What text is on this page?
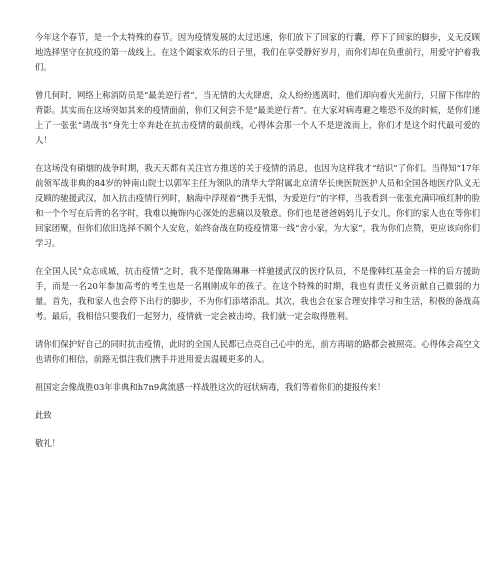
今年这个春节，是一个太特殊的春节。因为疫情发展的太过迅速，你们放下了回家的行囊，停下了回家的脚步，义无反顾地选择坚守在抗疫的第一战线上。在这个阖家欢乐的日子里，我们在享受静好岁月，而你们却在负重前行，用爱守护着我们。

曾几何时，网络上称消防员是“最美逆行者”，当无情的大火肆虐，众人纷纷逃离时，他们却向着火光前行，只留下伟岸的背影。其实而在这场突如其来的疫情面前，你们又何尝不是“最美逆行者”。在大家对病毒避之唯恐不及的时候，是你们递上了一张张“请战书”身先士卒奔赴在抗击疫情的最前线，心得体会那一个人不是逆流而上，你们才是这个时代最可爱的人！

在这场没有硝烟的战争时期，我天天都有关注官方推送的关于疫情的消息，也因为这样我才“结识”了你们。当得知“17年前领军战非典的84岁的钟南山院士以郭军主任为领队的清华大学附属北京清华长庚医院医护人员和全国各地医疗队义无反顾的驰援武汉，加入抗击疫情行列时，脑海中浮现着“携手无惧，为爱逆行”的字样，当我看到一张张充满印痕红肿的脸和一个个写在后背的名字时，我难以掩饰内心深处的悲痛以及敬意。你们也是爸爸妈妈儿子女儿，你们的家人也在等你们回家团聚，但你们依旧选择不顾个人安危，始终奋战在防疫疫情第一线“舍小家，为大家”，我为你们点赞，更应该向你们学习。

在全国人民“众志成城，抗击疫情”之时，我不是像陈琳琳一样驰援武汉的医疗队员，不是像韩红基金会一样的后方援助手，而是一名20年参加高考的考生也是一名刚刚成年的孩子。在这个特殊的时期，我也有责任义务贡献自己微弱的力量。首先，我和家人也会停下出行的脚步，不为你们添堵添乱。其次，我也会在家合理安排学习和生活，积极的备战高考。最后，我相信只要我们一起努力，疫情就一定会被击垮，我们就一定会取得胜利。

请你们保护好自己的同时抗击疫情，此时的全国人民都已点亮自己心中的光，前方再暗的路都会被照亮。心得体会高空文也请你们相信，前路无惧注我们携手并进用爱去温暖更多的人。

祖国定会像战胜03年非典和h7n9禽流感一样战胜这次的冠状病毒，我们等着你们的捷报传来！

此致

敬礼！
